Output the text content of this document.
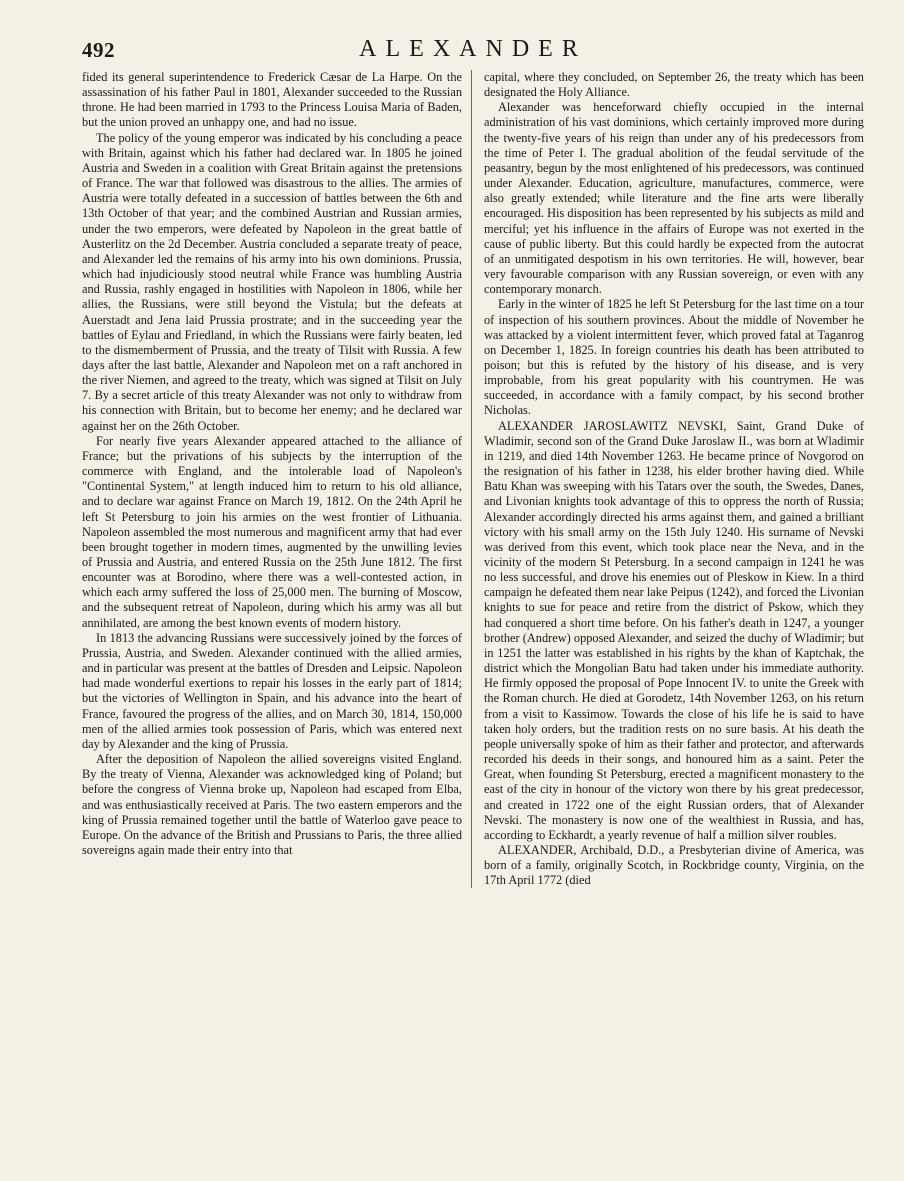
492	ALEXANDER

fided its general superintendence to Frederick Cæsar de La Harpe. On the assassination of his father Paul in 1801, Alexander succeeded to the Russian throne. He had been married in 1793 to the Princess Louisa Maria of Baden, but the union proved an unhappy one, and had no issue.

The policy of the young emperor was indicated by his concluding a peace with Britain, against which his father had declared war. In 1805 he joined Austria and Sweden in a coalition with Great Britain against the pretensions of France. The war that followed was disastrous to the allies. The armies of Austria were totally defeated in a succession of battles between the 6th and 13th October of that year; and the combined Austrian and Russian armies, under the two emperors, were defeated by Napoleon in the great battle of Austerlitz on the 2d December. Austria concluded a separate treaty of peace, and Alexander led the remains of his army into his own dominions. Prussia, which had injudiciously stood neutral while France was humbling Austria and Russia, rashly engaged in hostilities with Napoleon in 1806, while her allies, the Russians, were still beyond the Vistula; but the defeats at Auerstadt and Jena laid Prussia prostrate; and in the succeeding year the battles of Eylau and Friedland, in which the Russians were fairly beaten, led to the dismemberment of Prussia, and the treaty of Tilsit with Russia. A few days after the last battle, Alexander and Napoleon met on a raft anchored in the river Niemen, and agreed to the treaty, which was signed at Tilsit on July 7. By a secret article of this treaty Alexander was not only to withdraw from his connection with Britain, but to become her enemy; and he declared war against her on the 26th October.

For nearly five years Alexander appeared attached to the alliance of France; but the privations of his subjects by the interruption of the commerce with England, and the intolerable load of Napoleon's "Continental System," at length induced him to return to his old alliance, and to declare war against France on March 19, 1812. On the 24th April he left St Petersburg to join his armies on the west frontier of Lithuania. Napoleon assembled the most numerous and magnificent army that had ever been brought together in modern times, augmented by the unwilling levies of Prussia and Austria, and entered Russia on the 25th June 1812. The first encounter was at Borodino, where there was a well-contested action, in which each army suffered the loss of 25,000 men. The burning of Moscow, and the subsequent retreat of Napoleon, during which his army was all but annihilated, are among the best known events of modern history.

In 1813 the advancing Russians were successively joined by the forces of Prussia, Austria, and Sweden. Alexander continued with the allied armies, and in particular was present at the battles of Dresden and Leipsic. Napoleon had made wonderful exertions to repair his losses in the early part of 1814; but the victories of Wellington in Spain, and his advance into the heart of France, favoured the progress of the allies, and on March 30, 1814, 150,000 men of the allied armies took possession of Paris, which was entered next day by Alexander and the king of Prussia.

After the deposition of Napoleon the allied sovereigns visited England. By the treaty of Vienna, Alexander was acknowledged king of Poland; but before the congress of Vienna broke up, Napoleon had escaped from Elba, and was enthusiastically received at Paris. The two eastern emperors and the king of Prussia remained together until the battle of Waterloo gave peace to Europe. On the advance of the British and Prussians to Paris, the three allied sovereigns again made their entry into that

capital, where they concluded, on September 26, the treaty which has been designated the Holy Alliance.

Alexander was henceforward chiefly occupied in the internal administration of his vast dominions, which certainly improved more during the twenty-five years of his reign than under any of his predecessors from the time of Peter I. The gradual abolition of the feudal servitude of the peasantry, begun by the most enlightened of his predecessors, was continued under Alexander. Education, agriculture, manufactures, commerce, were also greatly extended; while literature and the fine arts were liberally encouraged. His disposition has been represented by his subjects as mild and merciful; yet his influence in the affairs of Europe was not exerted in the cause of public liberty. But this could hardly be expected from the autocrat of an unmitigated despotism in his own territories. He will, however, bear very favourable comparison with any Russian sovereign, or even with any contemporary monarch.

Early in the winter of 1825 he left St Petersburg for the last time on a tour of inspection of his southern provinces. About the middle of November he was attacked by a violent intermittent fever, which proved fatal at Taganrog on December 1, 1825. In foreign countries his death has been attributed to poison; but this is refuted by the history of his disease, and is very improbable, from his great popularity with his countrymen. He was succeeded, in accordance with a family compact, by his second brother Nicholas.

ALEXANDER JAROSLAWITZ NEVSKI, Saint, Grand Duke of Wladimir, second son of the Grand Duke Jaroslaw II., was born at Wladimir in 1219, and died 14th November 1263. He became prince of Novgorod on the resignation of his father in 1238, his elder brother having died. While Batu Khan was sweeping with his Tatars over the south, the Swedes, Danes, and Livonian knights took advantage of this to oppress the north of Russia; Alexander accordingly directed his arms against them, and gained a brilliant victory with his small army on the 15th July 1240. His surname of Nevski was derived from this event, which took place near the Neva, and in the vicinity of the modern St Petersburg. In a second campaign in 1241 he was no less successful, and drove his enemies out of Pleskow in Kiew. In a third campaign he defeated them near lake Peipus (1242), and forced the Livonian knights to sue for peace and retire from the district of Pskow, which they had conquered a short time before. On his father's death in 1247, a younger brother (Andrew) opposed Alexander, and seized the duchy of Wladimir; but in 1251 the latter was established in his rights by the khan of Kaptchak, the district which the Mongolian Batu had taken under his immediate authority. He firmly opposed the proposal of Pope Innocent IV. to unite the Greek with the Roman church. He died at Gorodetz, 14th November 1263, on his return from a visit to Kassimow. Towards the close of his life he is said to have taken holy orders, but the tradition rests on no sure basis. At his death the people universally spoke of him as their father and protector, and afterwards recorded his deeds in their songs, and honoured him as a saint. Peter the Great, when founding St Petersburg, erected a magnificent monastery to the east of the city in honour of the victory won there by his great predecessor, and created in 1722 one of the eight Russian orders, that of Alexander Nevski. The monastery is now one of the wealthiest in Russia, and has, according to Eckhardt, a yearly revenue of half a million silver roubles.

ALEXANDER, Archibald, D.D., a Presbyterian divine of America, was born of a family, originally Scotch, in Rockbridge county, Virginia, on the 17th April 1772 (died
